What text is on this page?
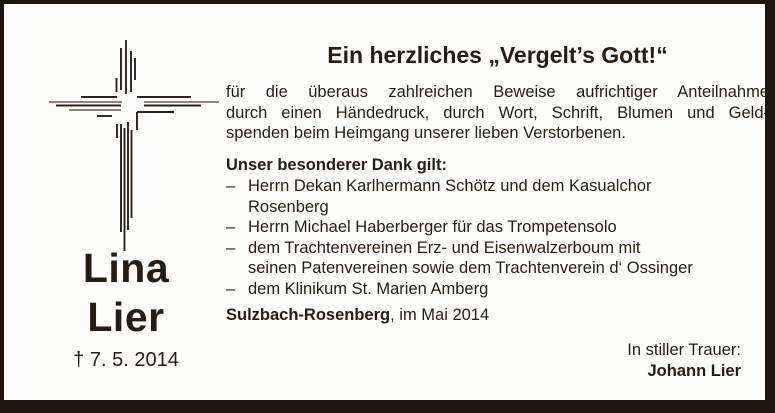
Lina
Lier
† 7. 5. 2014
Ein herzliches „Vergelt’s Gott!“
für die überaus zahlreichen Beweise aufrichtiger Anteilnahme
durch einen Händedruck, durch Wort, Schrift, Blumen und Geld-
spenden beim Heimgang unserer lieben Verstorbenen.
Unser besonderer Dank gilt:
– Herrn Dekan Karlhermann Schötz und dem Kasualchor
Rosenberg
– Herrn Michael Haberberger für das Trompetensolo
– dem Trachtenvereinen Erz- und Eisenwalzerboum mit
seinen Patenvereinen sowie dem Trachtenverein d‘ Ossinger
– dem Klinikum St. Marien Amberg
Sulzbach-Rosenberg, im Mai 2014
In stiller Trauer:
Johann Lier
